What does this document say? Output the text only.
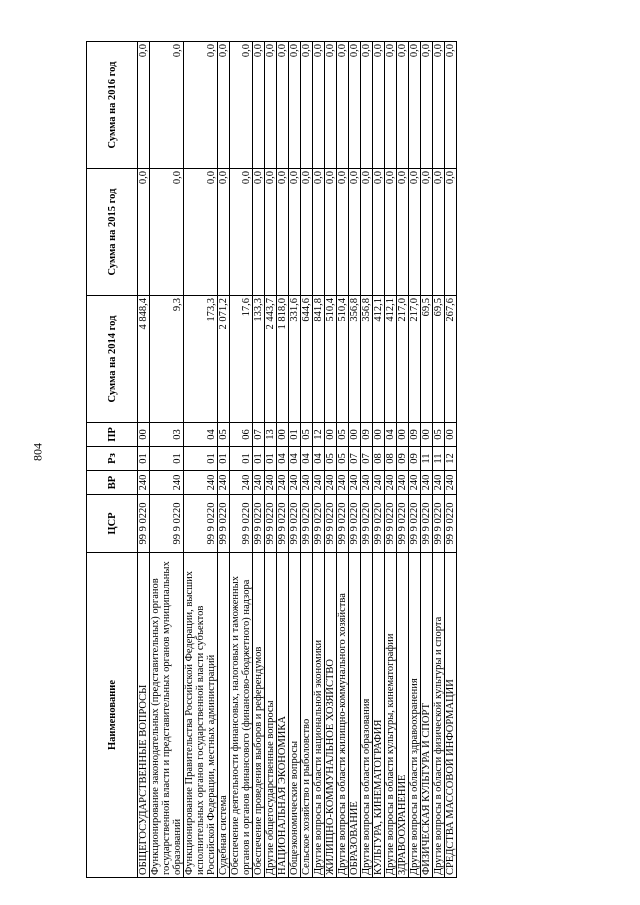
804
Наименование	ЦСР	ВР	Рз	ПР	Сумма на 2014 год	Сумма на 2015 год	Сумма на 2016 год
ОБЩЕГОСУДАРСТВЕННЫЕ ВОПРОСЫ	99 9 0220	240	01	00	4 848,4	0,0	0,0
Функционирование законодательных (представительных) органов государственной власти и представительных органов муниципальных образований	99 9 0220	240	01	03	9,3	0,0	0,0
Функционирование Правительства Российской Федерации, высших исполнительных органов государственной власти субъектов Российской Федерации, местных администраций	99 9 0220	240	01	04	173,3	0,0	0,0
Судебная система	99 9 0220	240	01	05	2 071,2	0,0	0,0
Обеспечение деятельности финансовых, налоговых и таможенных органов и органов финансового (финансово-бюджетного) надзора	99 9 0220	240	01	06	17,6	0,0	0,0
Обеспечение проведения выборов и референдумов	99 9 0220	240	01	07	133,3	0,0	0,0
Другие общегосударственные вопросы	99 9 0220	240	01	13	2 443,7	0,0	0,0
НАЦИОНАЛЬНАЯ ЭКОНОМИКА	99 9 0220	240	04	00	1 818,0	0,0	0,0
Общеэкономические вопросы	99 9 0220	240	04	01	331,6	0,0	0,0
Сельское хозяйство и рыболовство	99 9 0220	240	04	05	644,6	0,0	0,0
Другие вопросы в области национальной экономики	99 9 0220	240	04	12	841,8	0,0	0,0
ЖИЛИЩНО-КОММУНАЛЬНОЕ ХОЗЯЙСТВО	99 9 0220	240	05	00	510,4	0,0	0,0
Другие вопросы в области жилищно-коммунального хозяйства	99 9 0220	240	05	05	510,4	0,0	0,0
ОБРАЗОВАНИЕ	99 9 0220	240	07	00	356,8	0,0	0,0
Другие вопросы в области образования	99 9 0220	240	07	09	356,8	0,0	0,0
КУЛЬТУРА, КИНЕМАТОГРАФИЯ	99 9 0220	240	08	00	412,1	0,0	0,0
Другие вопросы в области культуры, кинематографии	99 9 0220	240	08	04	412,1	0,0	0,0
ЗДРАВООХРАНЕНИЕ	99 9 0220	240	09	00	217,0	0,0	0,0
Другие вопросы в области здравоохранения	99 9 0220	240	09	09	217,0	0,0	0,0
ФИЗИЧЕСКАЯ КУЛЬТУРА И СПОРТ	99 9 0220	240	11	00	69,5	0,0	0,0
Другие вопросы в области физической культуры и спорта	99 9 0220	240	11	05	69,5	0,0	0,0
СРЕДСТВА МАССОВОЙ ИНФОРМАЦИИ	99 9 0220	240	12	00	267,6	0,0	0,0
